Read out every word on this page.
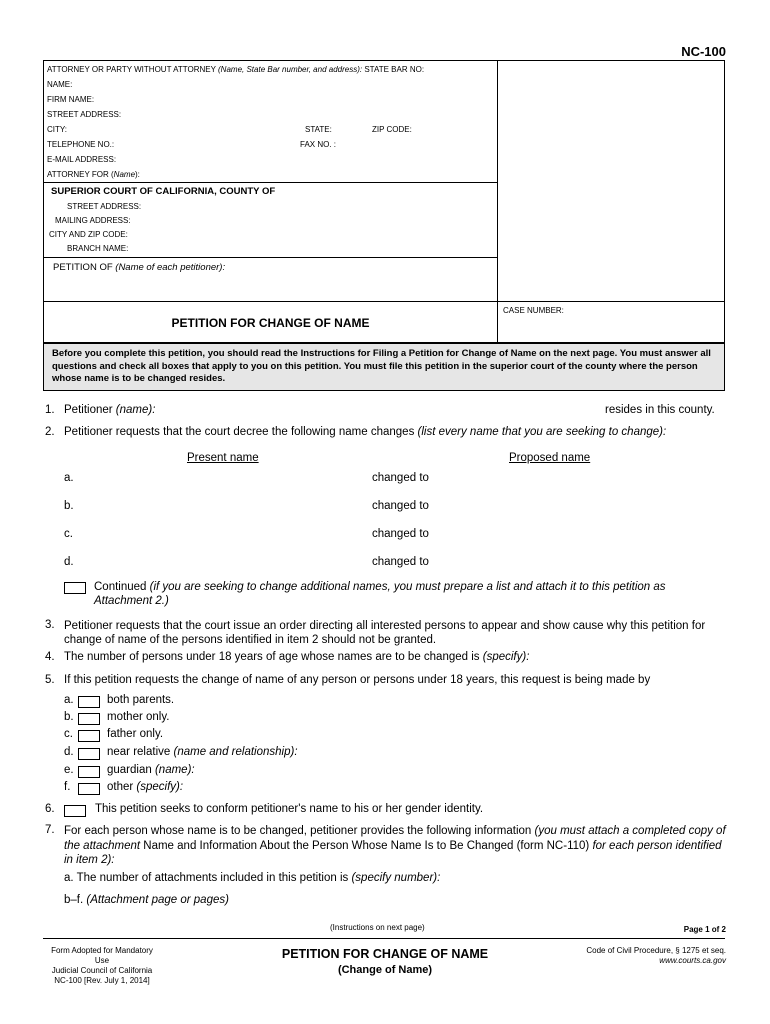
NC-100
ATTORNEY OR PARTY WITHOUT ATTORNEY (Name, State Bar number, and address): STATE BAR NO:
NAME:
FIRM NAME:
STREET ADDRESS:
CITY:	STATE:	ZIP CODE:
TELEPHONE NO.:	FAX NO. :
E-MAIL ADDRESS:
ATTORNEY FOR (Name):
SUPERIOR COURT OF CALIFORNIA, COUNTY OF
STREET ADDRESS:
MAILING ADDRESS:
CITY AND ZIP CODE:
BRANCH NAME:
PETITION OF (Name of each petitioner):
PETITION FOR CHANGE OF NAME
CASE NUMBER:
Before you complete this petition, you should read the Instructions for Filing a Petition for Change of Name on the next page. You must answer all questions and check all boxes that apply to you on this petition. You must file this petition in the superior court of the county where the person whose name is to be changed resides.
1. Petitioner (name):	resides in this county.
2. Petitioner requests that the court decree the following name changes (list every name that you are seeking to change):
Present name	Proposed name
a.	changed to
b.	changed to
c.	changed to
d.	changed to
Continued (if you are seeking to change additional names, you must prepare a list and attach it to this petition as
Attachment 2.)
3. Petitioner requests that the court issue an order directing all interested persons to appear and show cause why this petition for
change of name of the persons identified in item 2 should not be granted.
4. The number of persons under 18 years of age whose names are to be changed is (specify):
5. If this petition requests the change of name of any person or persons under 18 years, this request is being made by
a.	both parents.
b.	mother only.
c.	father only.
d.	near relative (name and relationship):
e.	guardian (name):
f.	other (specify):
6.	This petition seeks to conform petitioner's name to his or her gender identity.
7. For each person whose name is to be changed, petitioner provides the following information (you must attach a completed copy of the attachment Name and Information About the Person Whose Name Is to Be Changed (form NC-110) for each person identified in item 2):
a. The number of attachments included in this petition is (specify number):
b–f. (Attachment page or pages)
(Instructions on next page)	Page 1 of 2
Form Adopted for Mandatory Use
Judicial Council of California
NC-100 [Rev. July 1, 2014]
PETITION FOR CHANGE OF NAME
(Change of Name)
Code of Civil Procedure, § 1275 et seq.
www.courts.ca.gov
